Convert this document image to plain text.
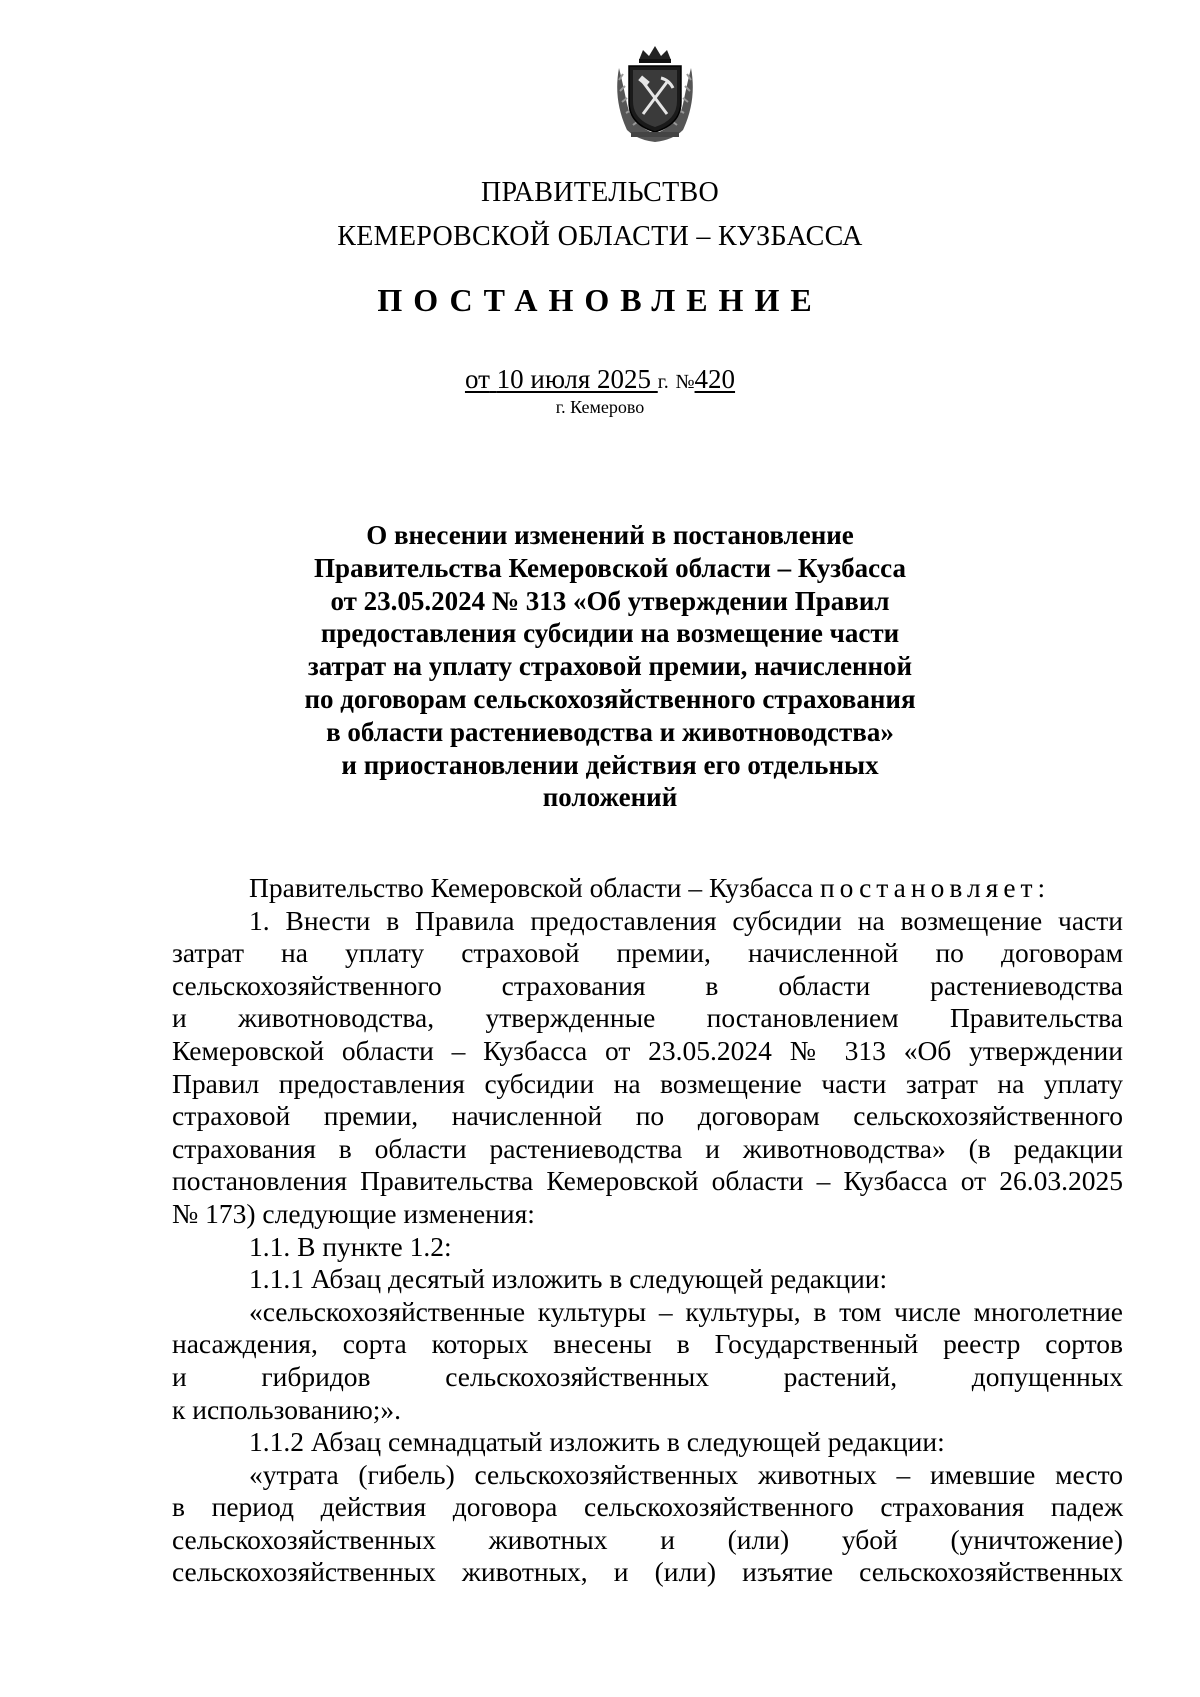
ПРАВИТЕЛЬСТВО
КЕМЕРОВСКОЙ ОБЛАСТИ – КУЗБАССА
ПОСТАНОВЛЕНИЕ
от 10 июля 2025 г. №420
г. Кемерово
О внесении изменений в постановление
Правительства Кемеровской области – Кузбасса
от 23.05.2024 № 313 «Об утверждении Правил
предоставления субсидии на возмещение части
затрат на уплату страховой премии, начисленной
по договорам сельскохозяйственного страхования
в области растениеводства и животноводства»
и приостановлении действия его отдельных
положений
Правительство Кемеровской области – Кузбасса постановляет:
1. Внести в Правила предоставления субсидии на возмещение части
затрат на уплату страховой премии, начисленной по договорам
сельскохозяйственного страхования в области растениеводства
и животноводства, утвержденные постановлением Правительства
Кемеровской области – Кузбасса от 23.05.2024 № 313 «Об утверждении
Правил предоставления субсидии на возмещение части затрат на уплату
страховой премии, начисленной по договорам сельскохозяйственного
страхования в области растениеводства и животноводства» (в редакции
постановления Правительства Кемеровской области – Кузбасса от 26.03.2025
№ 173) следующие изменения:
1.1. В пункте 1.2:
1.1.1 Абзац десятый изложить в следующей редакции:
«сельскохозяйственные культуры – культуры, в том числе многолетние
насаждения, сорта которых внесены в Государственный реестр сортов
и гибридов сельскохозяйственных растений, допущенных
к использованию;».
1.1.2 Абзац семнадцатый изложить в следующей редакции:
«утрата (гибель) сельскохозяйственных животных – имевшие место
в период действия договора сельскохозяйственного страхования падеж
сельскохозяйственных животных и (или) убой (уничтожение)
сельскохозяйственных животных, и (или) изъятие сельскохозяйственных
